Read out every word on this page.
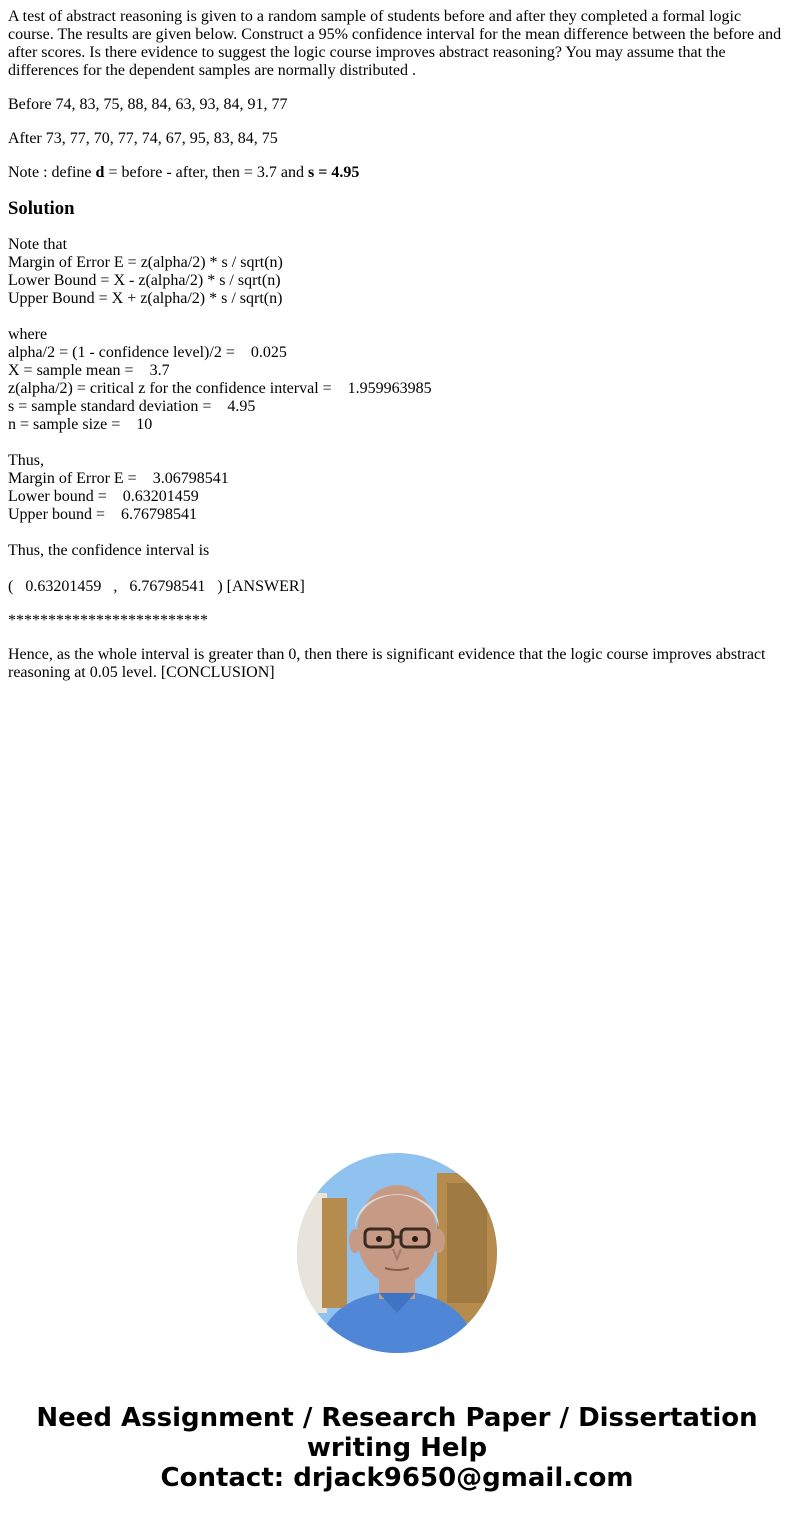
A test of abstract reasoning is given to a random sample of students before and after they completed a formal logic course. The results are given below. Construct a 95% confidence interval for the mean difference between the before and after scores. Is there evidence to suggest the logic course improves abstract reasoning? You may assume that the differences for the dependent samples are normally distributed .

Before 74, 83, 75, 88, 84, 63, 93, 84, 91, 77

After 73, 77, 70, 77, 74, 67, 95, 83, 84, 75

Note : define d = before - after, then = 3.7 and s = 4.95

Solution
Note that
Margin of Error E = z(alpha/2) * s / sqrt(n)
Lower Bound = X - z(alpha/2) * s / sqrt(n)
Upper Bound = X + z(alpha/2) * s / sqrt(n)
where
alpha/2 = (1 - confidence level)/2 =    0.025
X = sample mean =    3.7
z(alpha/2) = critical z for the confidence interval =    1.959963985
s = sample standard deviation =    4.95
n = sample size =    10
Thus,
Margin of Error E =    3.06798541
Lower bound =    0.63201459
Upper bound =    6.76798541
Thus, the confidence interval is
(   0.63201459   ,   6.76798541   ) [ANSWER]
*************************
Hence, as the whole interval is greater than 0, then there is significant evidence that the logic course improves abstract reasoning at 0.05 level. [CONCLUSION]
Need Assignment / Research Paper / Dissertation
writing Help
Contact: drjack9650@gmail.com
